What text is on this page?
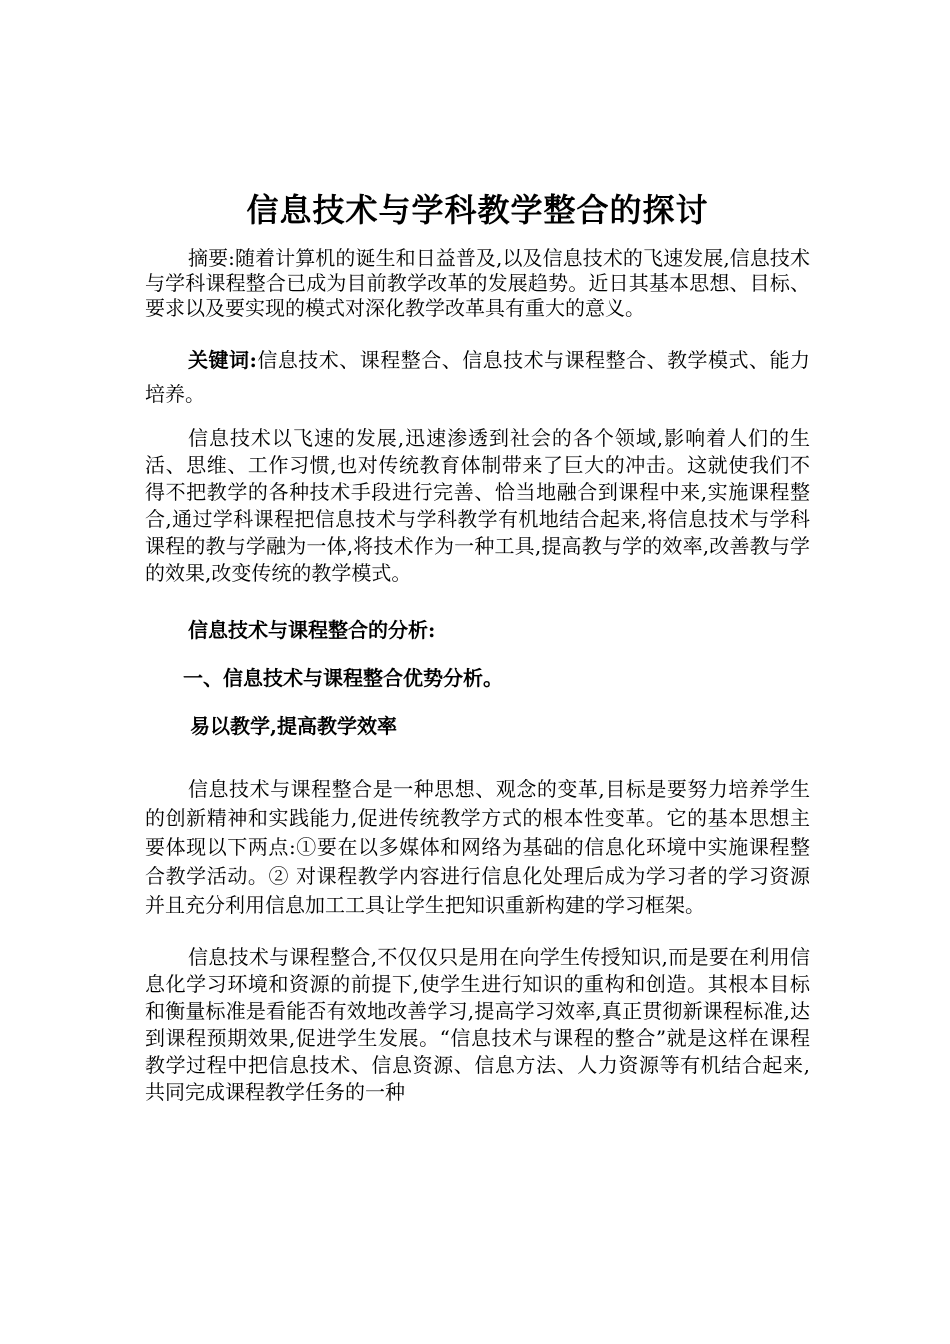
信息技术与学科教学整合的探讨

摘要:随着计算机的诞生和日益普及,以及信息技术的飞速发展,信息技术与学科课程整合已成为目前教学改革的发展趋势。近日其基本思想、目标、要求以及要实现的模式对深化教学改革具有重大的意义。

关键词:信息技术、课程整合、信息技术与课程整合、教学模式、能力培养。

信息技术以飞速的发展,迅速渗透到社会的各个领域,影响着人们的生活、思维、工作习惯,也对传统教育体制带来了巨大的冲击。这就使我们不得不把教学的各种技术手段进行完善、恰当地融合到课程中来,实施课程整合,通过学科课程把信息技术与学科教学有机地结合起来,将信息技术与学科课程的教与学融为一体,将技术作为一种工具,提高教与学的效率,改善教与学的效果,改变传统的教学模式。

信息技术与课程整合的分析:

一、信息技术与课程整合优势分析。

易以教学,提高教学效率

信息技术与课程整合是一种思想、观念的变革,目标是要努力培养学生的创新精神和实践能力,促进传统教学方式的根本性变革。它的基本思想主要体现以下两点:①要在以多媒体和网络为基础的信息化环境中实施课程整合教学活动。② 对课程教学内容进行信息化处理后成为学习者的学习资源并且充分利用信息加工工具让学生把知识重新构建的学习框架。

信息技术与课程整合,不仅仅只是用在向学生传授知识,而是要在利用信息化学习环境和资源的前提下,使学生进行知识的重构和创造。其根本目标和衡量标准是看能否有效地改善学习,提高学习效率,真正贯彻新课程标准,达到课程预期效果,促进学生发展。“信息技术与课程的整合”就是这样在课程教学过程中把信息技术、信息资源、信息方法、人力资源等有机结合起来,共同完成课程教学任务的一种
